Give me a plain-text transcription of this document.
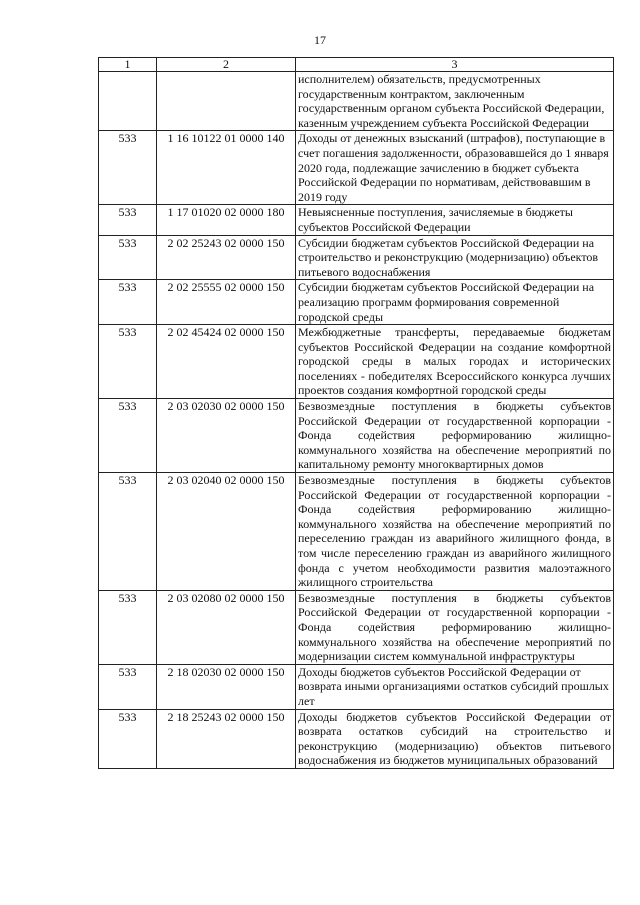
17
1	2	3
		исполнителем) обязательств, предусмотренных государственным контрактом, заключенным государственным органом субъекта Российской Федерации, казенным учреждением субъекта Российской Федерации
533	1 16 10122 01 0000 140	Доходы от денежных взысканий (штрафов), поступающие в счет погашения задолженности, образовавшейся до 1 января 2020 года, подлежащие зачислению в бюджет субъекта Российской Федерации по нормативам, действовавшим в 2019 году
533	1 17 01020 02 0000 180	Невыясненные поступления, зачисляемые в бюджеты субъектов Российской Федерации
533	2 02 25243 02 0000 150	Субсидии бюджетам субъектов Российской Федерации на строительство и реконструкцию (модернизацию) объектов питьевого водоснабжения
533	2 02 25555 02 0000 150	Субсидии бюджетам субъектов Российской Федерации на реализацию программ формирования современной городской среды
533	2 02 45424 02 0000 150	Межбюджетные трансферты, передаваемые бюджетам субъектов Российской Федерации на создание комфортной городской среды в малых городах и исторических поселениях - победителях Всероссийского конкурса лучших проектов создания комфортной городской среды
533	2 03 02030 02 0000 150	Безвозмездные поступления в бюджеты субъектов Российской Федерации от государственной корпорации - Фонда содействия реформированию жилищно-коммунального хозяйства на обеспечение мероприятий по капитальному ремонту многоквартирных домов
533	2 03 02040 02 0000 150	Безвозмездные поступления в бюджеты субъектов Российской Федерации от государственной корпорации - Фонда содействия реформированию жилищно-коммунального хозяйства на обеспечение мероприятий по переселению граждан из аварийного жилищного фонда, в том числе переселению граждан из аварийного жилищного фонда с учетом необходимости развития малоэтажного жилищного строительства
533	2 03 02080 02 0000 150	Безвозмездные поступления в бюджеты субъектов Российской Федерации от государственной корпорации - Фонда содействия реформированию жилищно-коммунального хозяйства на обеспечение мероприятий по модернизации систем коммунальной инфраструктуры
533	2 18 02030 02 0000 150	Доходы бюджетов субъектов Российской Федерации от возврата иными организациями остатков субсидий прошлых лет
533	2 18 25243 02 0000 150	Доходы бюджетов субъектов Российской Федерации от возврата остатков субсидий на строительство и реконструкцию (модернизацию) объектов питьевого водоснабжения из бюджетов муниципальных образований
